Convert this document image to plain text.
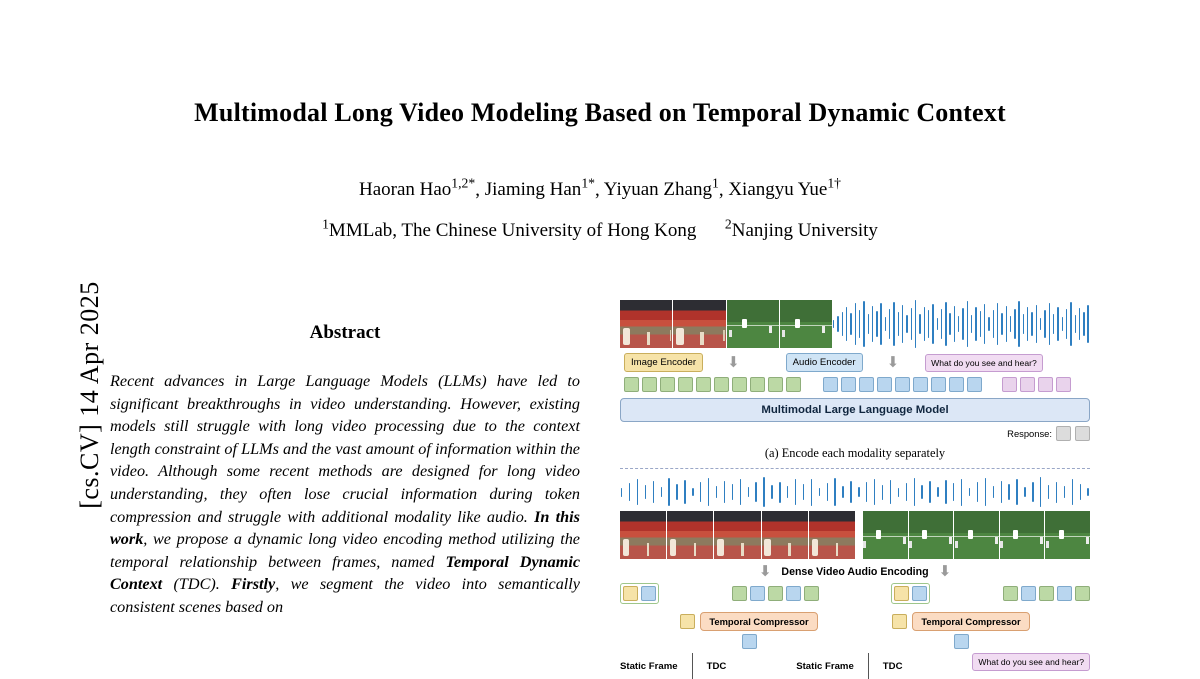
[cs.CV] 14 Apr 2025
Multimodal Long Video Modeling Based on Temporal Dynamic Context
Haoran Hao$^{1,2*}$, Jiaming Han$^{1*}$, Yiyuan Zhang$^1$, Xiangyu Yue$^{1\dagger}$
$^1$MMLab, The Chinese University of Hong Kong $^2$Nanjing University
Abstract
Recent advances in Large Language Models (LLMs) have led to significant breakthroughs in video understanding. However, existing models still struggle with long video processing due to the context length constraint of LLMs and the vast amount of information within the video. Although some recent methods are designed for long video understanding, they often lose crucial information during token compression and struggle with additional modality like audio. In this work, we propose a dynamic long video encoding method utilizing the temporal relationship between frames, named Temporal Dynamic Context (TDC). Firstly, we segment the video into semantically consistent scenes based on
Image Encoder	⬇	Audio Encoder	⬇	What do you see and hear?
Multimodal Large Language Model
Response:
(a) Encode each modality separately
⬇ Dense Video Audio Encoding ⬇
Temporal Compressor	Temporal Compressor
Static Frame	TDC	Static Frame	TDC	What do you see and hear?
